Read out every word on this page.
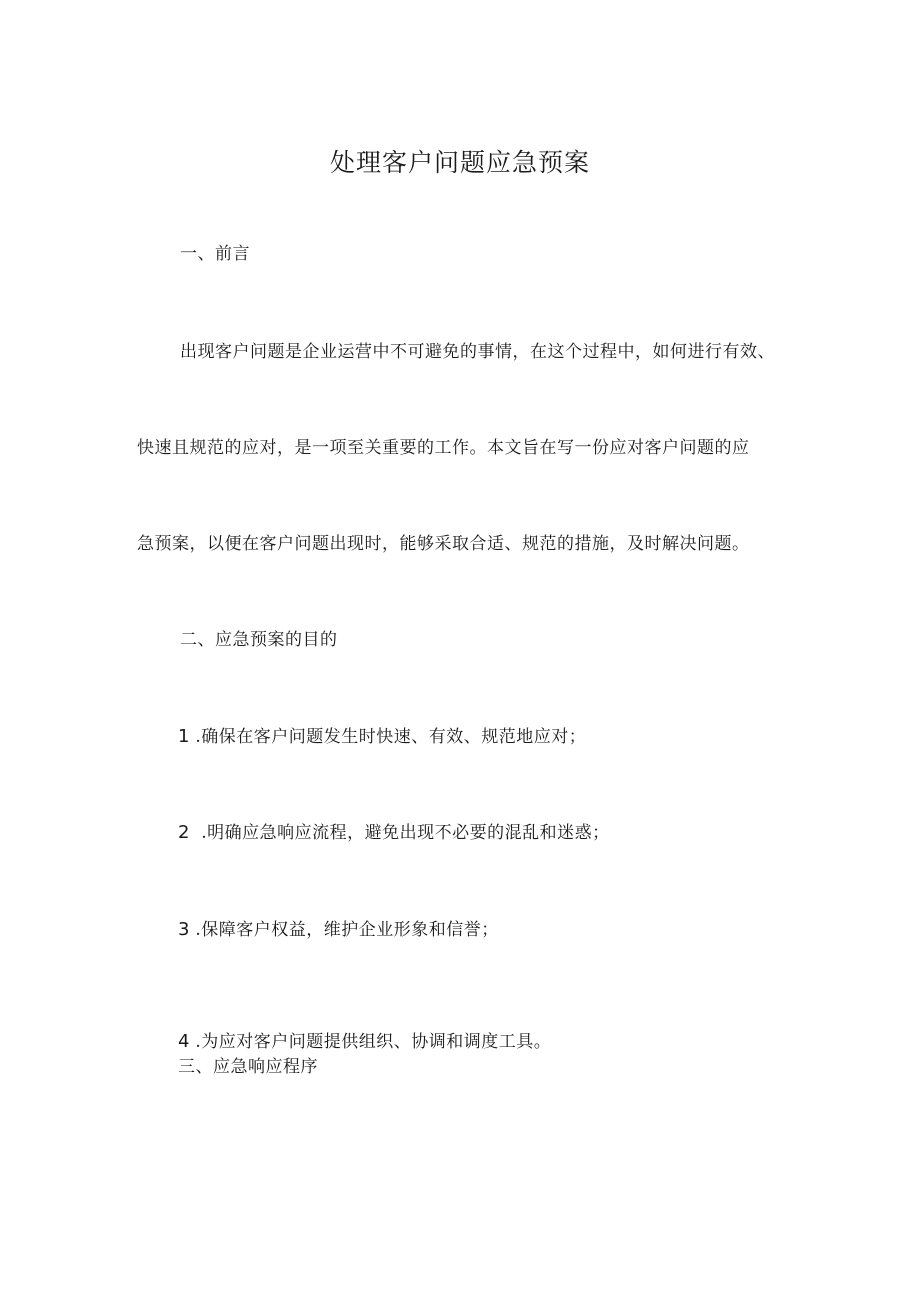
处理客户问题应急预案
一、前言
出现客户问题是企业运营中不可避免的事情，在这个过程中，如何进行有效、
快速且规范的应对，是一项至关重要的工作。本文旨在写一份应对客户问题的应
急预案，以便在客户问题出现时，能够采取合适、规范的措施，及时解决问题。
二、应急预案的目的
1 .确保在客户问题发生时快速、有效、规范地应对；
2 .明确应急响应流程，避免出现不必要的混乱和迷惑；
3 .保障客户权益，维护企业形象和信誉；
4 .为应对客户问题提供组织、协调和调度工具。
三、应急响应程序
